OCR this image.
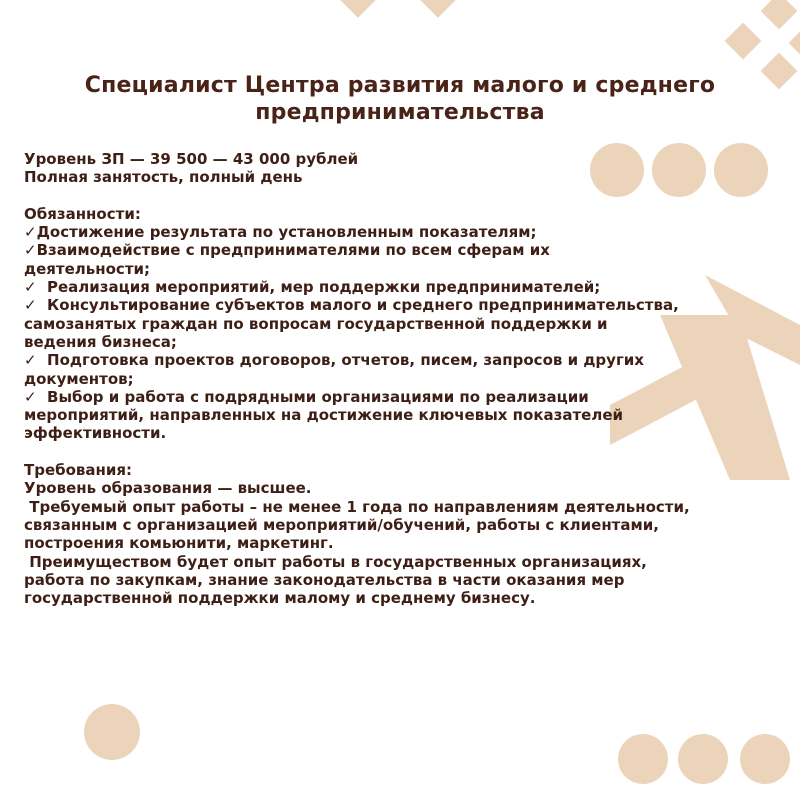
Специалист Центра развития малого и среднего предпринимательства
Уровень ЗП — 39 500 — 43 000 рублей
Полная занятость, полный день
Обязанности:
✓Достижение результата по установленным показателям;
✓Взаимодействие с предпринимателями по всем сферам их
деятельности;
✓  Реализация мероприятий, мер поддержки предпринимателей;
✓  Консультирование субъектов малого и среднего предпринимательства,
самозанятых граждан по вопросам государственной поддержки и
ведения бизнеса;
✓  Подготовка проектов договоров, отчетов, писем, запросов и других
документов;
✓  Выбор и работа с подрядными организациями по реализации
мероприятий, направленных на достижение ключевых показателей
эффективности.
Требования:
Уровень образования — высшее.
Требуемый опыт работы – не менее 1 года по направлениям деятельности,
связанным с организацией мероприятий/обучений, работы с клиентами,
построения комьюнити, маркетинг.
Преимуществом будет опыт работы в государственных организациях,
работа по закупкам, знание законодательства в части оказания мер
государственной поддержки малому и среднему бизнесу.
